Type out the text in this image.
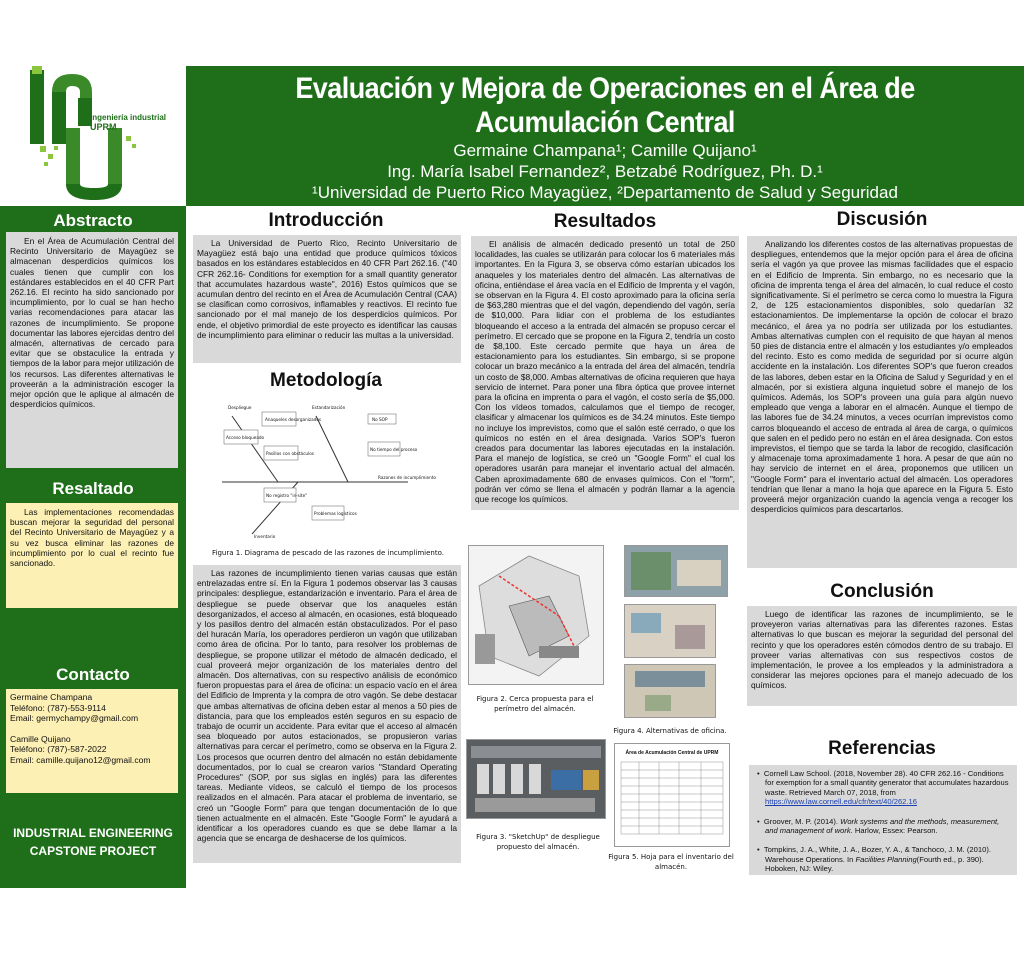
ingeniería industrial
UPRM
Evaluación y Mejora de Operaciones en el Área de Acumulación Central
Germaine Champana¹; Camille Quijano¹
Ing. María Isabel Fernandez², Betzabé Rodríguez, Ph. D.¹
¹Universidad de Puerto Rico Mayagüez, ²Departamento de Salud y Seguridad
Abstracto
En el Área de Acumulación Central del Recinto Universitario de Mayagüez se almacenan desperdicios químicos los cuales tienen que cumplir con los estándares establecidos en el 40 CFR Part 262.16. El recinto ha sido sancionado por incumplimiento, por lo cual se han hecho varias recomendaciones para atacar las razones de incumplimiento. Se propone documentar las labores ejercidas dentro del almacén, alternativas de cercado para evitar que se obstaculice la entrada y tiempos de la labor para mejor utilización de los recursos. Las diferentes alternativas le proveerán a la administración escoger la mejor opción que le aplique al almacén de desperdicios químicos.
Resaltado
Las implementaciones recomendadas buscan mejorar la seguridad del personal del Recinto Universitario de Mayagüez y a su vez busca eliminar las razones de incumplimiento por lo cual el recinto fue sancionado.
Contacto
Germaine Champana
Teléfono: (787)-553-9114
Email: germychampy@gmail.com
Camille Quijano
Teléfono: (787)-587-2022
Email: camille.quijano12@gmail.com
INDUSTRIAL ENGINEERING
CAPSTONE PROJECT
Introducción
La Universidad de Puerto Rico, Recinto Universitario de Mayagüez está bajo una entidad que produce químicos tóxicos basados en los estándares establecidos en 40 CFR Part 262.16. ("40 CFR 262.16- Conditions for exemption for a small quantity generator that accumulates hazardous waste", 2016) Estos químicos que se acumulan dentro del recinto en el Área de Acumulación Central (CAA) se clasifican como corrosivos, inflamables y reactivos. El recinto fue sancionado por el mal manejo de los desperdicios químicos. Por ende, el objetivo primordial de este proyecto es identificar las causas de incumplimiento para eliminar o reducir las multas a la universidad.
Metodología
Despliegue
Anaqueles desorganizados
Estandarización
No SOP
Acceso bloqueado
Pasillos con obstáculos
No tiempo del proceso
Razones de incumplimiento
No registro "in-site"
Problemas logísticos
Inventario
Figura 1. Diagrama de pescado de las razones de incumplimiento.
Las razones de incumplimiento tienen varias causas que están entrelazadas entre sí. En la Figura 1 podemos observar las 3 causas principales: despliegue, estandarización e inventario. Para el área de despliegue se puede observar que los anaqueles están desorganizados, el acceso al almacén, en ocasiones, está bloqueado y los pasillos dentro del almacén están obstaculizados. Por el paso del huracán María, los operadores perdieron un vagón que utilizaban como área de oficina. Por lo tanto, para resolver los problemas de despliegue, se propone utilizar el método de almacén dedicado, el cual proveerá mejor organización de los materiales dentro del almacén. Dos alternativas, con su respectivo análisis de económico fueron propuestas para el área de oficina: un espacio vacío en el área del Edificio de Imprenta y la compra de otro vagón. Se debe destacar que ambas alternativas de oficina deben estar al menos a 50 pies de distancia, para que los empleados estén seguros en su espacio de trabajo de ocurrir un accidente. Para evitar que el acceso al almacén sea bloqueado por autos estacionados, se propusieron varias alternativas para cercar el perímetro, como se observa en la Figura 2. Los procesos que ocurren dentro del almacén no están debidamente documentados, por lo cual se crearon varios "Standard Operating Procedures" (SOP, por sus siglas en inglés) para las diferentes tareas. Mediante vídeos, se calculó el tiempo de los procesos realizados en el almacén. Para atacar el problema de inventario, se creó un "Google Form" para que tengan documentación de lo que tienen actualmente en el almacén. Este "Google Form" le ayudará a identificar a los operadores cuando es que se debe llamar a la agencia que se encarga de deshacerse de los químicos.
Resultados
El análisis de almacén dedicado presentó un total de 250 localidades, las cuales se utilizarán para colocar los 6 materiales más importantes. En la Figura 3, se observa cómo estarían ubicados los anaqueles y los materiales dentro del almacén. Las alternativas de oficina, entiéndase el área vacía en el Edificio de Imprenta y el vagón, se observan en la Figura 4. El costo aproximado para la oficina sería de $63,280 mientras que el del vagón, dependiendo del vagón, sería de $10,000. Para lidiar con el problema de los estudiantes bloqueando el acceso a la entrada del almacén se propuso cercar el perímetro. El cercado que se propone en la Figura 2, tendría un costo de $8,100. Este cercado permite que haya un área de estacionamiento para los estudiantes. Sin embargo, si se propone colocar un brazo mecánico a la entrada del área del almacén, tendría un costo de $8,000. Ambas alternativas de oficina requieren que haya servicio de internet. Para poner una fibra óptica que provee internet para la oficina en imprenta o para el vagón, el costo sería de $5,000. Con los vídeos tomados, calculamos que el tiempo de recoger, clasificar y almacenar los químicos es de 34.24 minutos. Este tiempo no incluye los imprevistos, como que el salón esté cerrado, o que los químicos no estén en el área designada. Varios SOP's fueron creados para documentar las labores ejecutadas en la instalación. Para el manejo de logística, se creó un "Google Form" el cual los operadores usarán para manejar el inventario actual del almacén. Caben aproximadamente 680 de envases químicos. Con el "form", podrán ver cómo se llena el almacén y podrán llamar a la agencia que recoge los químicos.
Figura 2. Cerca propuesta para el perímetro del almacén.
Figura 4. Alternativas de oficina.
Figura 3. "SketchUp" de despliegue propuesto del almacén.
Área de Acumulación Central de UPRM
Figura 5. Hoja para el inventario del almacén.
Discusión
Analizando los diferentes costos de las alternativas propuestas de despliegues, entendemos que la mejor opción para el área de oficina sería el vagón ya que provee las mismas facilidades que el espacio en el Edificio de Imprenta. Sin embargo, no es necesario que la oficina de imprenta tenga el área del almacén, lo cual reduce el costo significativamente. Si el perímetro se cerca como lo muestra la Figura 2, de 125 estacionamientos disponibles, solo quedarían 32 estacionamientos. De implementarse la opción de colocar el brazo mecánico, el área ya no podría ser utilizada por los estudiantes. Ambas alternativas cumplen con el requisito de que hayan al menos 50 pies de distancia entre el almacén y los estudiantes y/o empleados del recinto. Esto es como medida de seguridad por si ocurre algún accidente en la instalación. Los diferentes SOP's que fueron creados de las labores, deben estar en la Oficina de Salud y Seguridad y en el almacén, por si existiera alguna inquietud sobre el manejo de los químicos. Además, los SOP's proveen una guía para algún nuevo empleado que venga a laborar en el almacén. Aunque el tiempo de las labores fue de 34.24 minutos, a veces ocurrían imprevistos como carros bloqueando el acceso de entrada al área de carga, o químicos que salen en el pedido pero no están en el área designada. Con estos imprevistos, el tiempo que se tarda la labor de recogido, clasificación y almacenaje toma aproximadamente 1 hora. A pesar de que aún no hay servicio de internet en el área, proponemos que utilicen un "Google Form" para el inventario actual del almacén. Los operadores tendrían que llenar a mano la hoja que aparece en la Figura 5. Esto proveerá mejor organización cuando la agencia venga a recoger los desperdicios químicos para descartarlos.
Conclusión
Luego de identificar las razones de incumplimiento, se le proveyeron varias alternativas para las diferentes razones. Estas alternativas lo que buscan es mejorar la seguridad del personal del recinto y que los operadores estén cómodos dentro de su trabajo. El proveer varias alternativas con sus respectivos costos de implementación, le provee a los empleados y la administradora a considerar las mejores opciones para el manejo adecuado de los químicos.
Referencias
•  Cornell Law School. (2018, November 28). 40 CFR 262.16 - Conditions for exemption for a small quantity generator that accumulates hazardous waste. Retrieved March 07, 2018, from https://www.law.cornell.edu/cfr/text/40/262.16
•  Groover, M. P. (2014). Work systems and the methods, measurement, and management of work. Harlow, Essex: Pearson.
•  Tompkins, J. A., White, J. A., Bozer, Y. A., & Tanchoco, J. M. (2010). Warehouse Operations. In Facilities Planning(Fourth ed., p. 390). Hoboken, NJ: Wiley.
